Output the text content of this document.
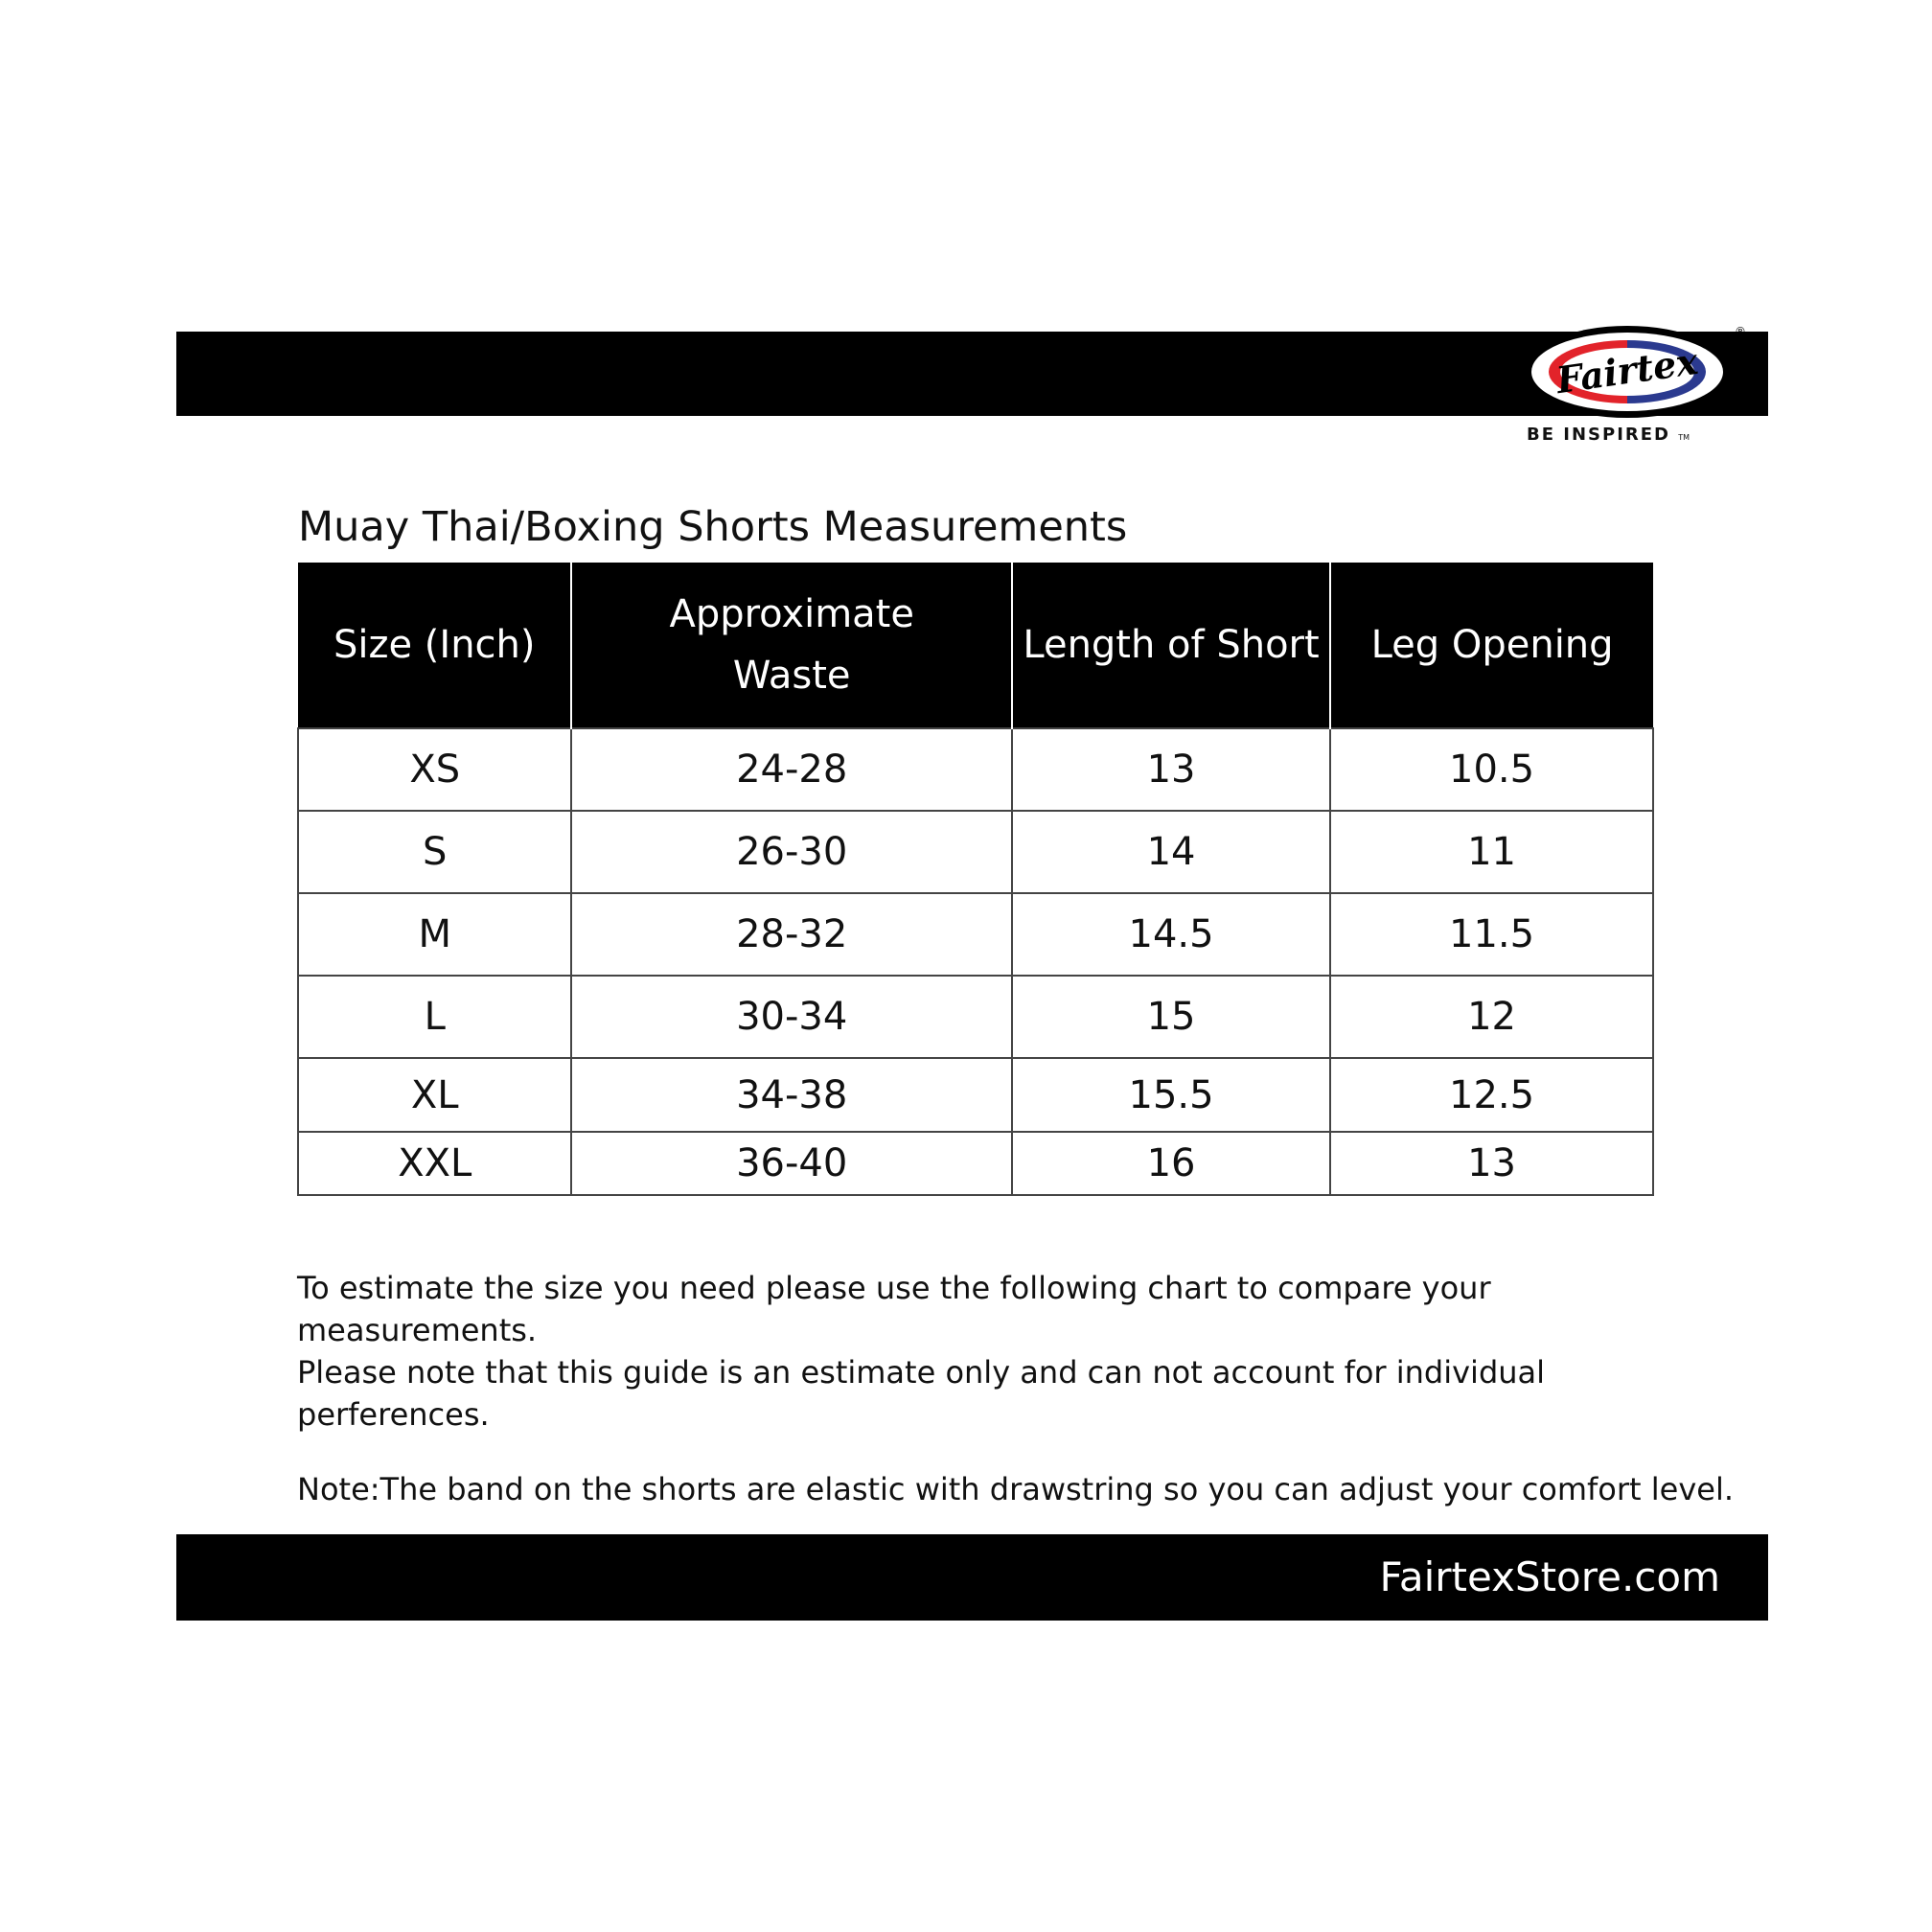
Fairtex
®
BE INSPIRED TM
Muay Thai/Boxing Shorts Measurements
Size (Inch)	Approximate Waste	Length of Short	Leg Opening
XS	24-28	13	10.5
S	26-30	14	11
M	28-32	14.5	11.5
L	30-34	15	12
XL	34-38	15.5	12.5
XXL	36-40	16	13

To estimate the size you need please use the following chart to compare your measurements.

Please note that this guide is an estimate only and can not account for individual perferences.

Note:The band on the shorts are elastic with drawstring so you can adjust your comfort level.

FairtexStore.com
